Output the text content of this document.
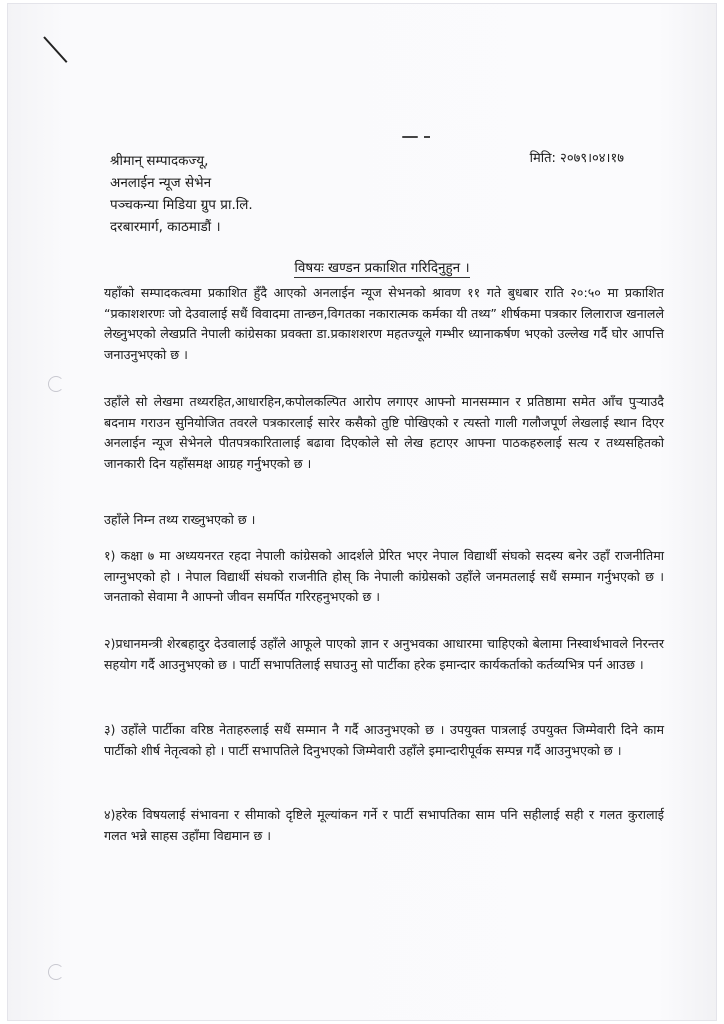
मिति: २०७९।०४।१७
श्रीमान् सम्पादकज्यू,
अनलाईन न्यूज सेभेन
पञ्चकन्या मिडिया ग्रुप प्रा.लि.
दरबारमार्ग, काठमाडौं ।
विषयः खण्डन प्रकाशित गरिदिनुहुन ।

यहाँको सम्पादकत्वमा प्रकाशित हुँदै आएको अनलाईन न्यूज सेभनको श्रावण ११ गते बुधबार राति २०:५० मा प्रकाशित “प्रकाशशरणः जो देउवालाई सधैं विवादमा तान्छन,विगतका नकारात्मक कर्मका यी तथ्य” शीर्षकमा पत्रकार लिलाराज खनालले लेख्नुभएको लेखप्रति नेपाली कांग्रेसका प्रवक्ता डा.प्रकाशशरण महतज्यूले गम्भीर ध्यानाकर्षण भएको उल्लेख गर्दै घोर आपत्ति जनाउनुभएको छ ।

उहाँले सो लेखमा तथ्यरहित,आधारहिन,कपोलकल्पित आरोप लगाएर आफ्नो मानसम्मान र प्रतिष्ठामा समेत आँच पुर्‍याउदै बदनाम गराउन सुनियोजित तवरले पत्रकारलाई सारेर कसैको तुष्टि पोखिएको र त्यस्तो गाली गलौजपूर्ण लेखलाई स्थान दिएर अनलाईन न्यूज सेभेनले पीतपत्रकारितालाई बढावा दिएकोले सो लेख हटाएर आफ्ना पाठकहरुलाई सत्य र तथ्यसहितको जानकारी दिन यहाँसमक्ष आग्रह गर्नुभएको छ ।

उहाँले निम्न तथ्य राख्नुभएको छ ।

१) कक्षा ७ मा अध्ययनरत रहदा नेपाली कांग्रेसको आदर्शले प्रेरित भएर नेपाल विद्यार्थी संघको सदस्य बनेर उहाँ राजनीतिमा लाग्नुभएको हो । नेपाल विद्यार्थी संघको राजनीति होस् कि नेपाली कांग्रेसको उहाँले जनमतलाई सधैं सम्मान गर्नुभएको छ । जनताको सेवामा नै आफ्नो जीवन समर्पित गरिरहनुभएको छ ।

२)प्रधानमन्त्री शेरबहादुर देउवालाई उहाँले आफूले पाएको ज्ञान र अनुभवका आधारमा चाहिएको बेलामा निस्वार्थभावले निरन्तर सहयोग गर्दै आउनुभएको छ । पार्टी सभापतिलाई सघाउनु सो पार्टीका हरेक इमान्दार कार्यकर्ताको कर्तव्यभित्र पर्न आउछ ।

३) उहाँले पार्टीका वरिष्ठ नेताहरुलाई सधैं सम्मान नै गर्दै आउनुभएको छ । उपयुक्त पात्रलाई उपयुक्त जिम्मेवारी दिने काम पार्टीको शीर्ष नेतृत्वको हो । पार्टी सभापतिले दिनुभएको जिम्मेवारी उहाँले इमान्दारीपूर्वक सम्पन्न गर्दै आउनुभएको छ ।

४)हरेक विषयलाई संभावना र सीमाको दृष्टिले मूल्यांकन गर्ने र पार्टी सभापतिका साम पनि सहीलाई सही र गलत कुरालाई गलत भन्ने साहस उहाँमा विद्यमान छ ।
